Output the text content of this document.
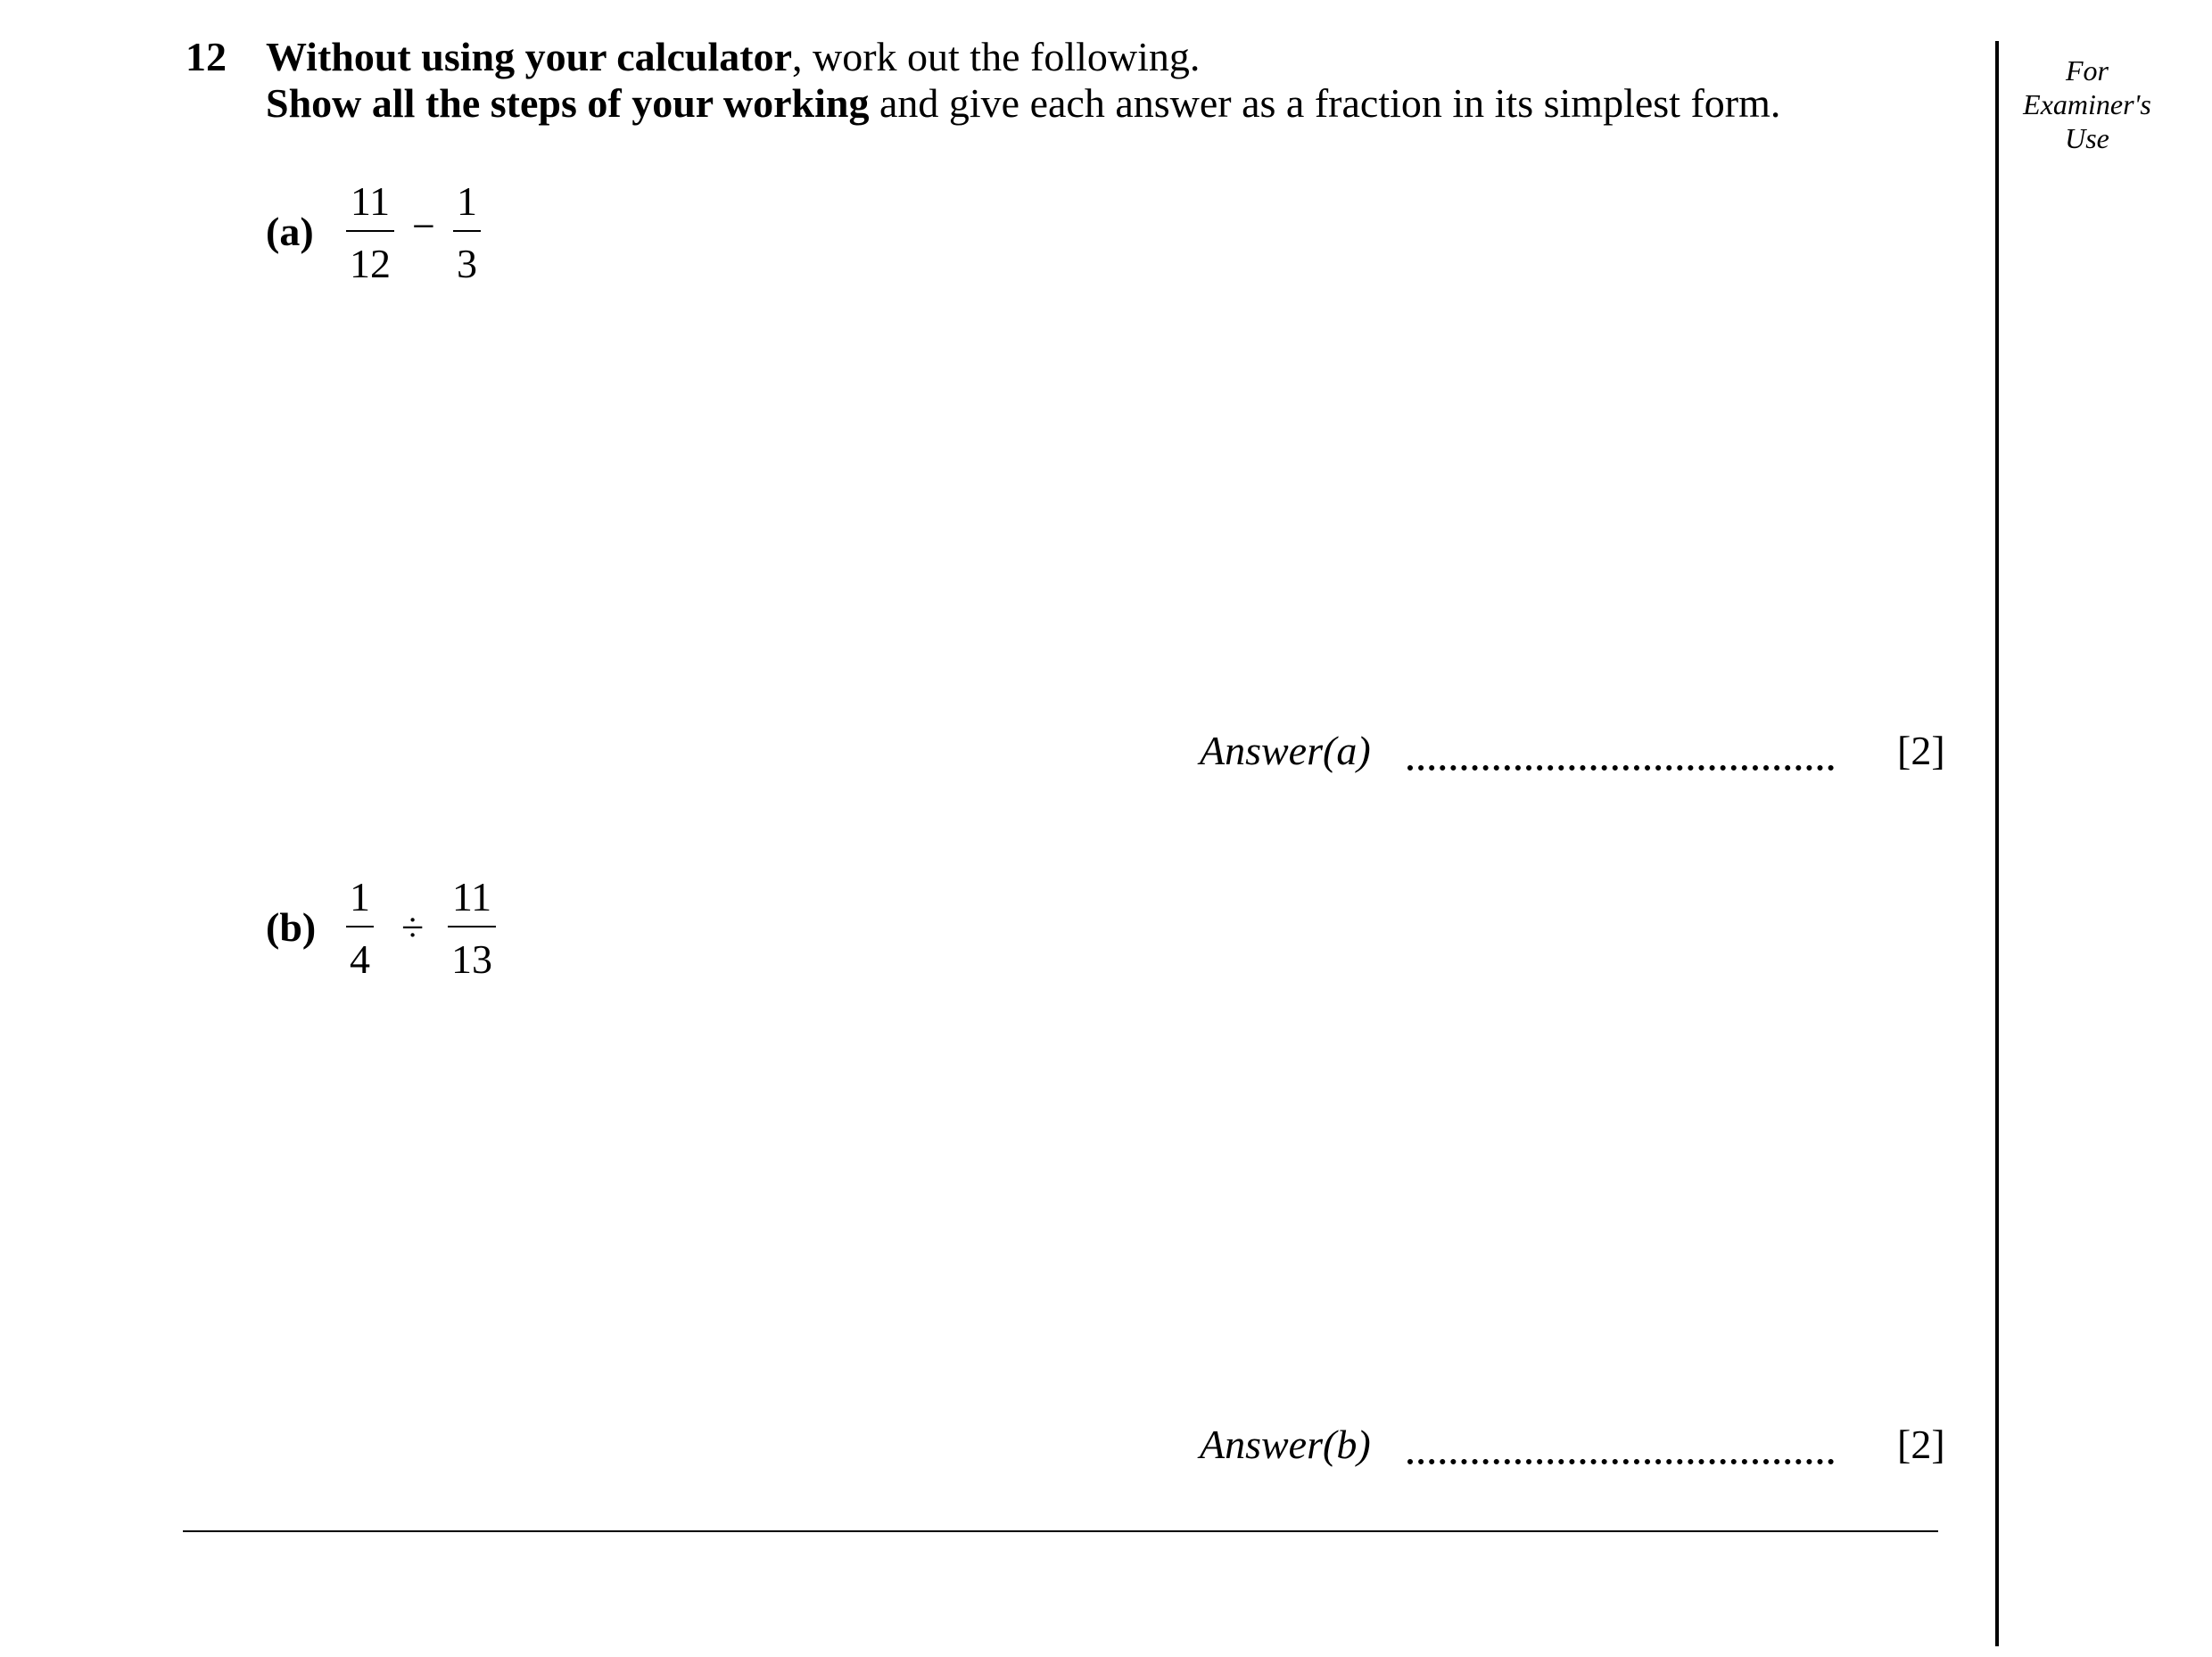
12 Without using your calculator, work out the following.
Show all the steps of your working and give each answer as a fraction in its simplest form.
For
Examiner's
Use
$(a) \frac{11}{12} - \frac{1}{3}$
Answer(a)	[2]
$(b) \frac{1}{4} \div \frac{11}{13}$
Answer(b)	[2]
